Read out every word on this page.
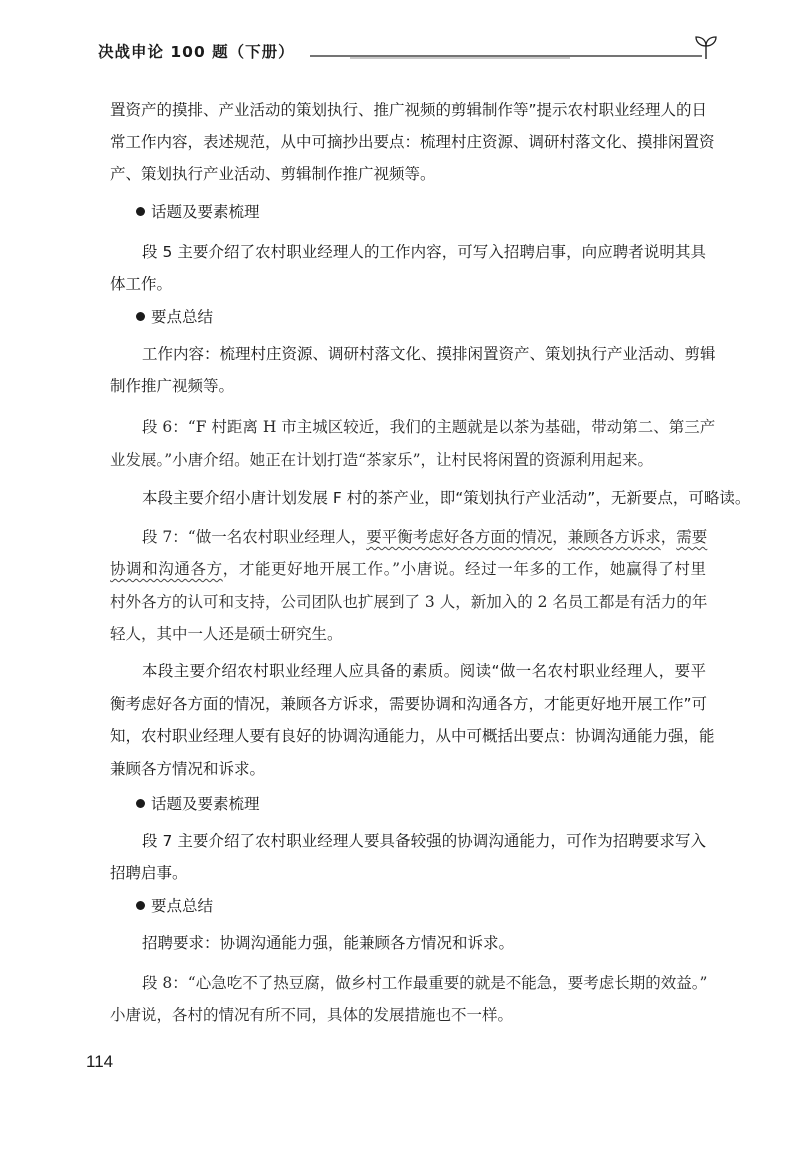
决战申论 100 题（下册）
置资产的摸排、产业活动的策划执行、推广视频的剪辑制作等”提示农村职业经理人的日
常工作内容，表述规范，从中可摘抄出要点：梳理村庄资源、调研村落文化、摸排闲置资
产、策划执行产业活动、剪辑制作推广视频等。
话题及要素梳理
段 5 主要介绍了农村职业经理人的工作内容，可写入招聘启事，向应聘者说明其具
体工作。
要点总结
工作内容：梳理村庄资源、调研村落文化、摸排闲置资产、策划执行产业活动、剪辑
制作推广视频等。
段 6：“F 村距离 H 市主城区较近，我们的主题就是以茶为基础，带动第二、第三产
业发展。”小唐介绍。她正在计划打造“茶家乐”，让村民将闲置的资源利用起来。
本段主要介绍小唐计划发展 F 村的茶产业，即“策划执行产业活动”，无新要点，可略读。
段 7：“做一名农村职业经理人，要平衡考虑好各方面的情况，兼顾各方诉求，需要
协调和沟通各方，才能更好地开展工作。”小唐说。经过一年多的工作，她赢得了村里
村外各方的认可和支持，公司团队也扩展到了 3 人，新加入的 2 名员工都是有活力的年
轻人，其中一人还是硕士研究生。
本段主要介绍农村职业经理人应具备的素质。阅读“做一名农村职业经理人，要平
衡考虑好各方面的情况，兼顾各方诉求，需要协调和沟通各方，才能更好地开展工作”可
知，农村职业经理人要有良好的协调沟通能力，从中可概括出要点：协调沟通能力强，能
兼顾各方情况和诉求。
话题及要素梳理
段 7 主要介绍了农村职业经理人要具备较强的协调沟通能力，可作为招聘要求写入
招聘启事。
要点总结
招聘要求：协调沟通能力强，能兼顾各方情况和诉求。
段 8：“心急吃不了热豆腐，做乡村工作最重要的就是不能急，要考虑长期的效益。”
小唐说，各村的情况有所不同，具体的发展措施也不一样。
114
